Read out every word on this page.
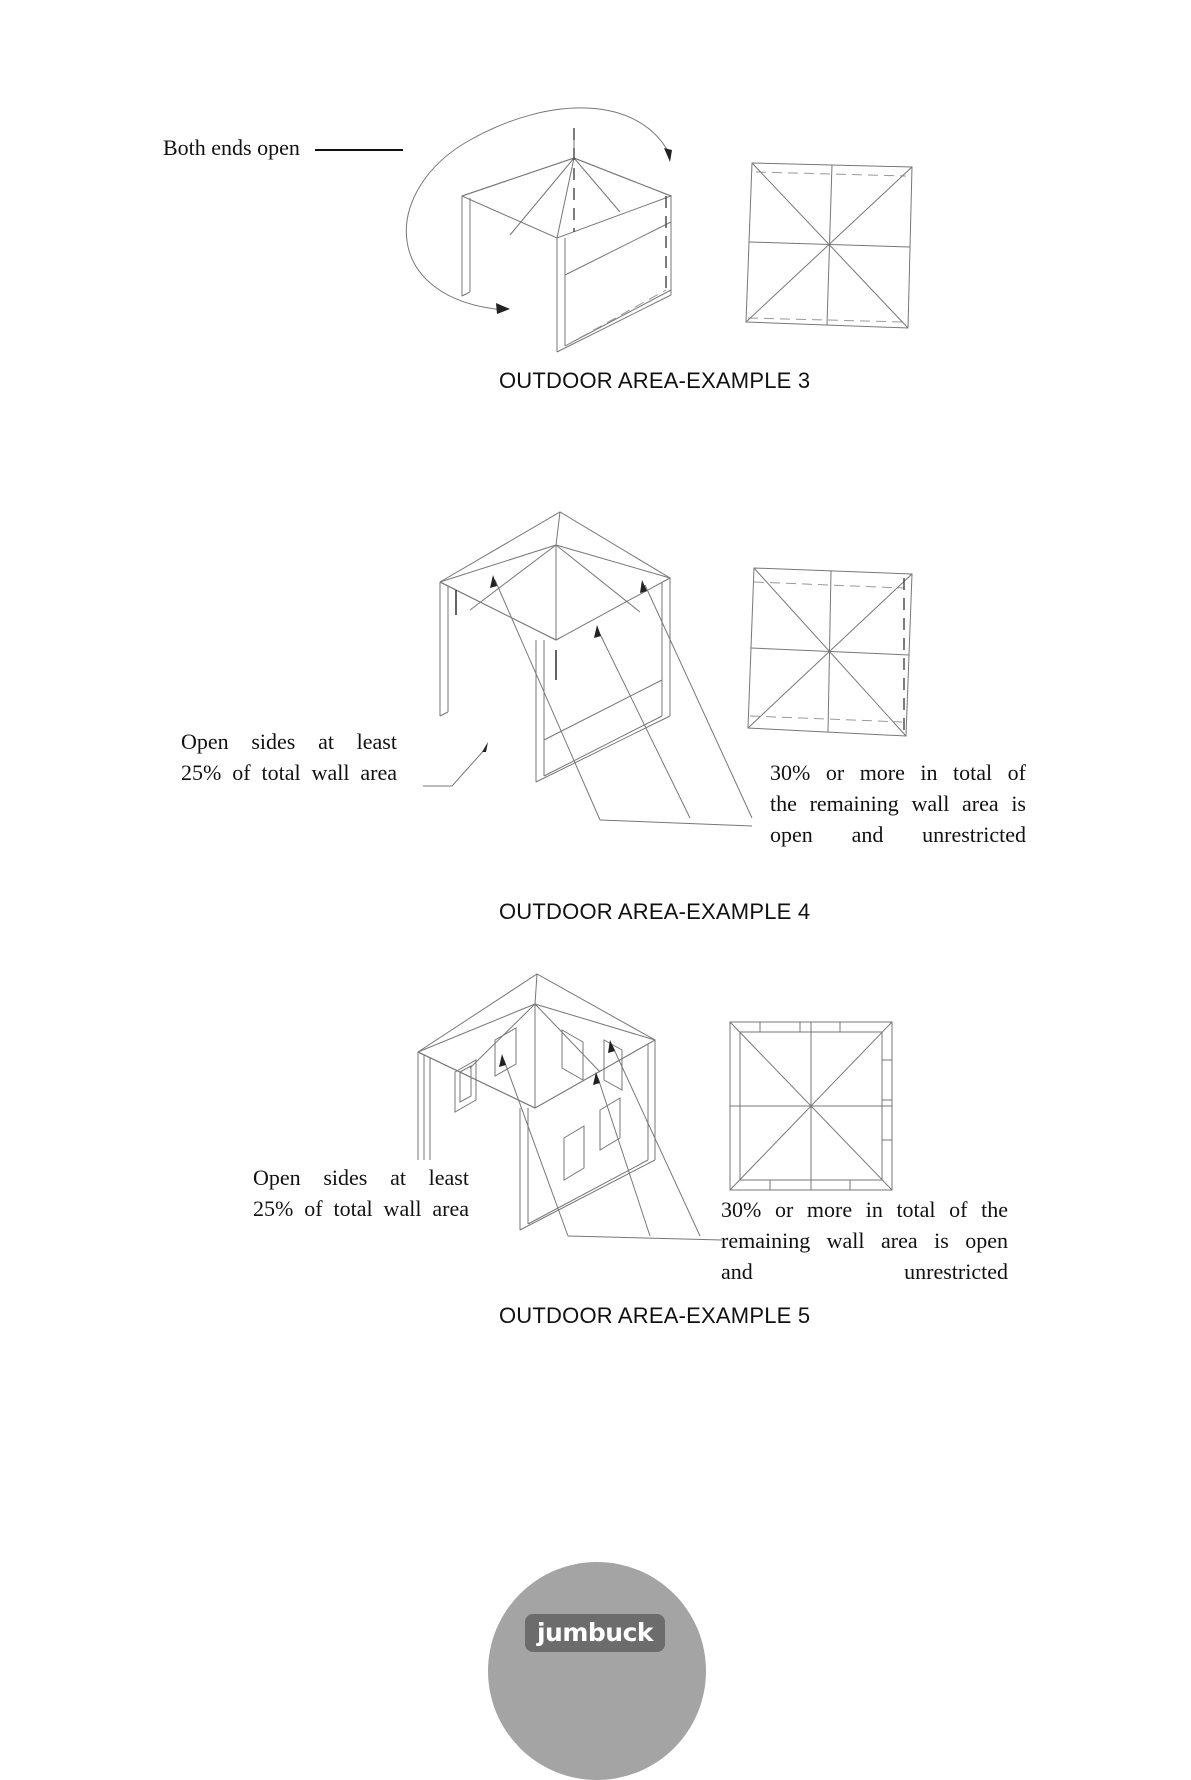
Both ends open
OUTDOOR AREA-EXAMPLE 3
Open sides at least
25% of total wall area	30% or more in total of
the remaining wall area is
open and unrestricted
OUTDOOR AREA-EXAMPLE 4
Open sides at least
25% of total wall area	30% or more in total of the
remaining wall area is open
and unrestricted
OUTDOOR AREA-EXAMPLE 5
jumbuck
